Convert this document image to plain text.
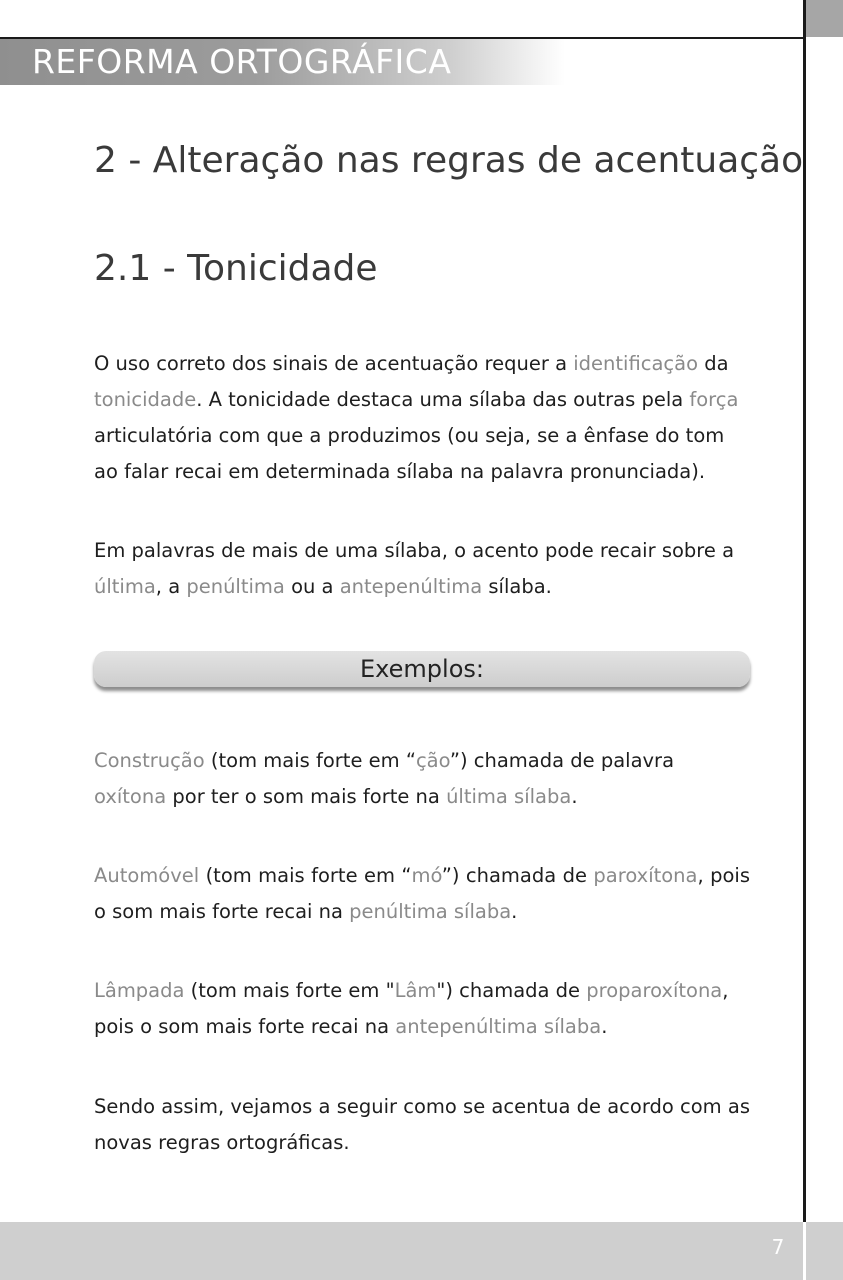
REFORMA ORTOGRÁFICA
2 - Alteração nas regras de acentuação
2.1 - Tonicidade

O uso correto dos sinais de acentuação requer a identificação da tonicidade. A tonicidade destaca uma sílaba das outras pela força articulatória com que a produzimos (ou seja, se a ênfase do tom ao falar recai em determinada sílaba na palavra pronunciada).

Em palavras de mais de uma sílaba, o acento pode recair sobre a última, a penúltima ou a antepenúltima sílaba.

Exemplos:

Construção (tom mais forte em “ção”) chamada de palavra oxítona por ter o som mais forte na última sílaba.

Automóvel (tom mais forte em “mó”) chamada de paroxítona, pois o som mais forte recai na penúltima sílaba.

Lâmpada (tom mais forte em "Lâm") chamada de proparoxítona, pois o som mais forte recai na antepenúltima sílaba.

Sendo assim, vejamos a seguir como se acentua de acordo com as novas regras ortográficas.

7
